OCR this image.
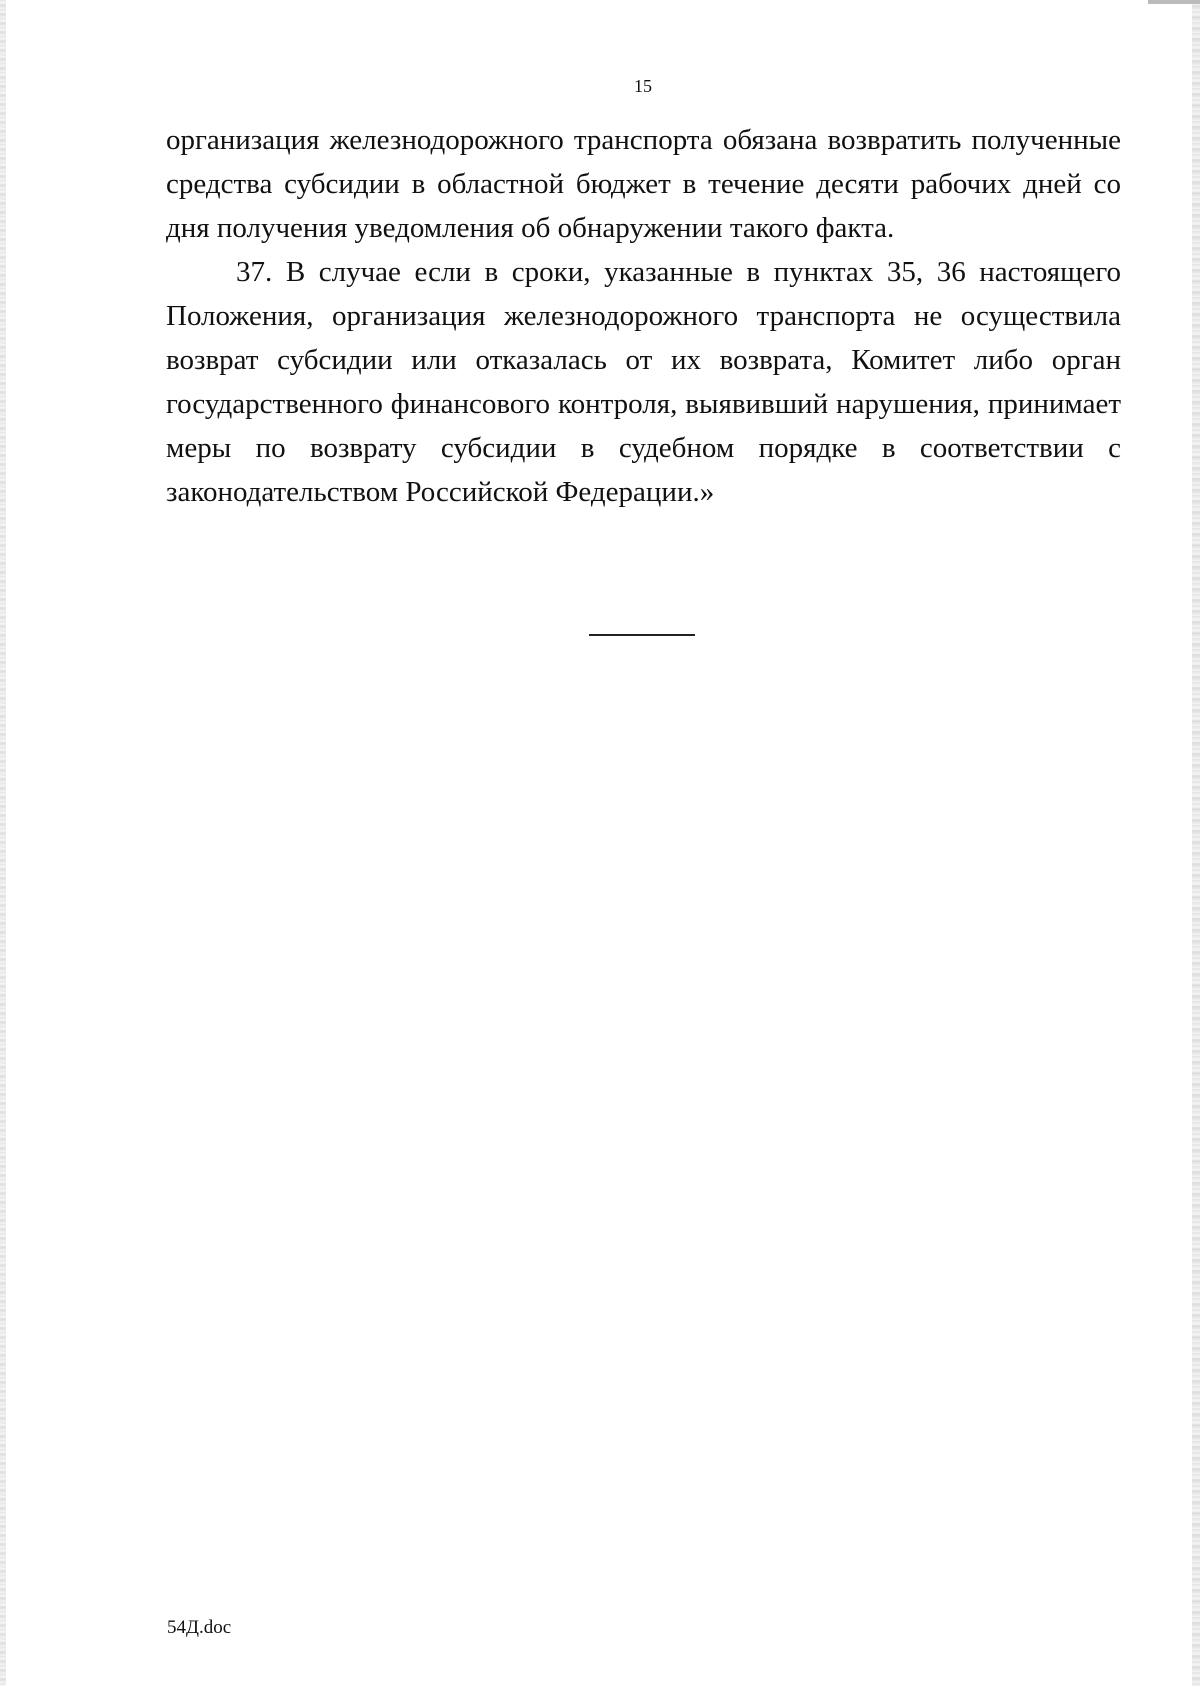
15

организация железнодорожного транспорта обязана возвратить полученные средства субсидии в областной бюджет в течение десяти рабочих дней со дня получения уведомления об обнаружении такого факта.

37. В случае если в сроки, указанные в пунктах 35, 36 настоящего Положения, организация железнодорожного транспорта не осуществила возврат субсидии или отказалась от их возврата, Комитет либо орган государственного финансового контроля, выявивший нарушения, принимает меры по возврату субсидии в судебном порядке в соответствии с законодательством Российской Федерации.»

54Д.doc
